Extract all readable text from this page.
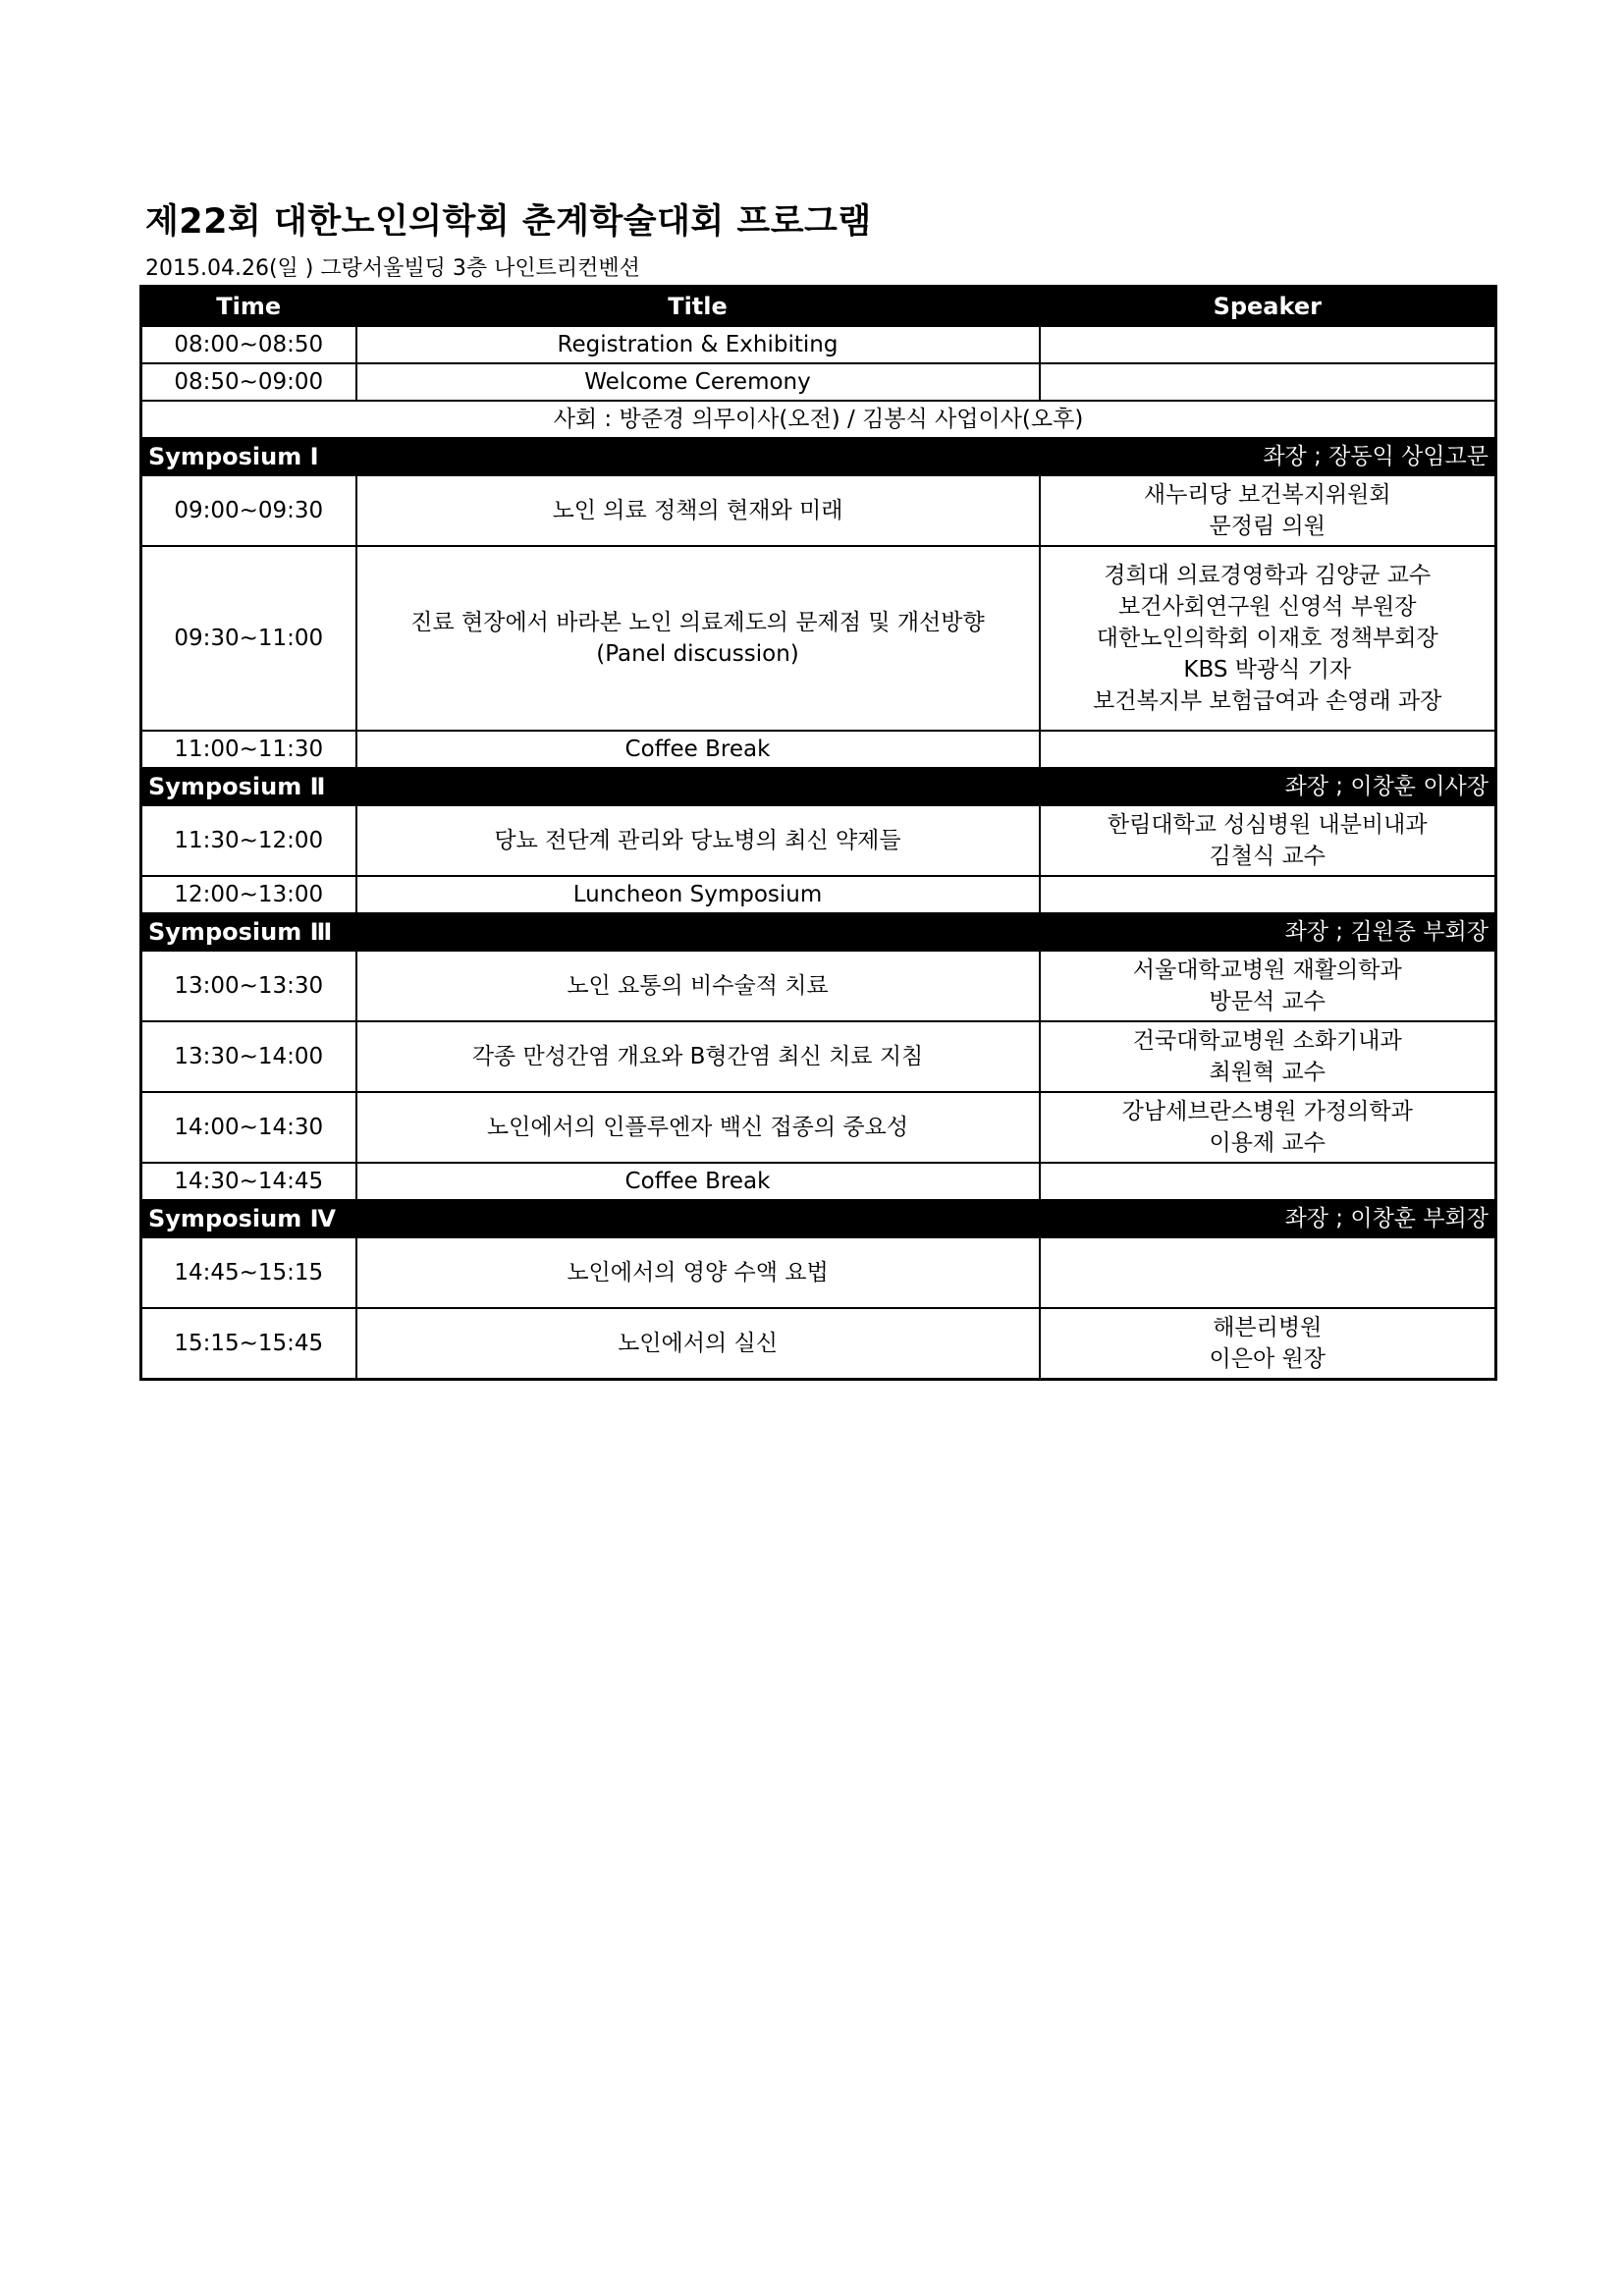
제22회 대한노인의학회 춘계학술대회 프로그램
2015.04.26(일 ) 그랑서울빌딩 3층 나인트리컨벤션
Time	Title	Speaker
08:00~08:50	Registration & Exhibiting	
08:50~09:00	Welcome Ceremony	
사회 : 방준경 의무이사(오전) / 김봉식 사업이사(오후)		

Symposium Ⅰ 좌장 ; 장동익 상임고문		

09:00~09:30	노인 의료 정책의 현재와 미래	새누리당 보건복지위원회
문정림 의원

09:30~11:00	진료 현장에서 바라본 노인 의료제도의 문제점 및 개선방향
(Panel discussion)	경희대 의료경영학과 김양균 교수
보건사회연구원 신영석 부원장
대한노인의학회 이재호 정책부회장
KBS 박광식 기자
보건복지부 보험급여과 손영래 과장

11:00~11:30	Coffee Break	

Symposium Ⅱ 좌장 ; 이창훈 이사장		

11:30~12:00	당뇨 전단계 관리와 당뇨병의 최신 약제들	한림대학교 성심병원 내분비내과
김철식 교수

12:00~13:00	Luncheon Symposium	

Symposium Ⅲ 좌장 ; 김원중 부회장		

13:00~13:30	노인 요통의 비수술적 치료	서울대학교병원 재활의학과
방문석 교수

13:30~14:00	각종 만성간염 개요와 B형간염 최신 치료 지침	건국대학교병원 소화기내과
최원혁 교수

14:00~14:30	노인에서의 인플루엔자 백신 접종의 중요성	강남세브란스병원 가정의학과
이용제 교수

14:30~14:45	Coffee Break	

Symposium Ⅳ 좌장 ; 이창훈 부회장		

14:45~15:15	노인에서의 영양 수액 요법	
15:15~15:45	노인에서의 실신	해븐리병원
이은아 원장
